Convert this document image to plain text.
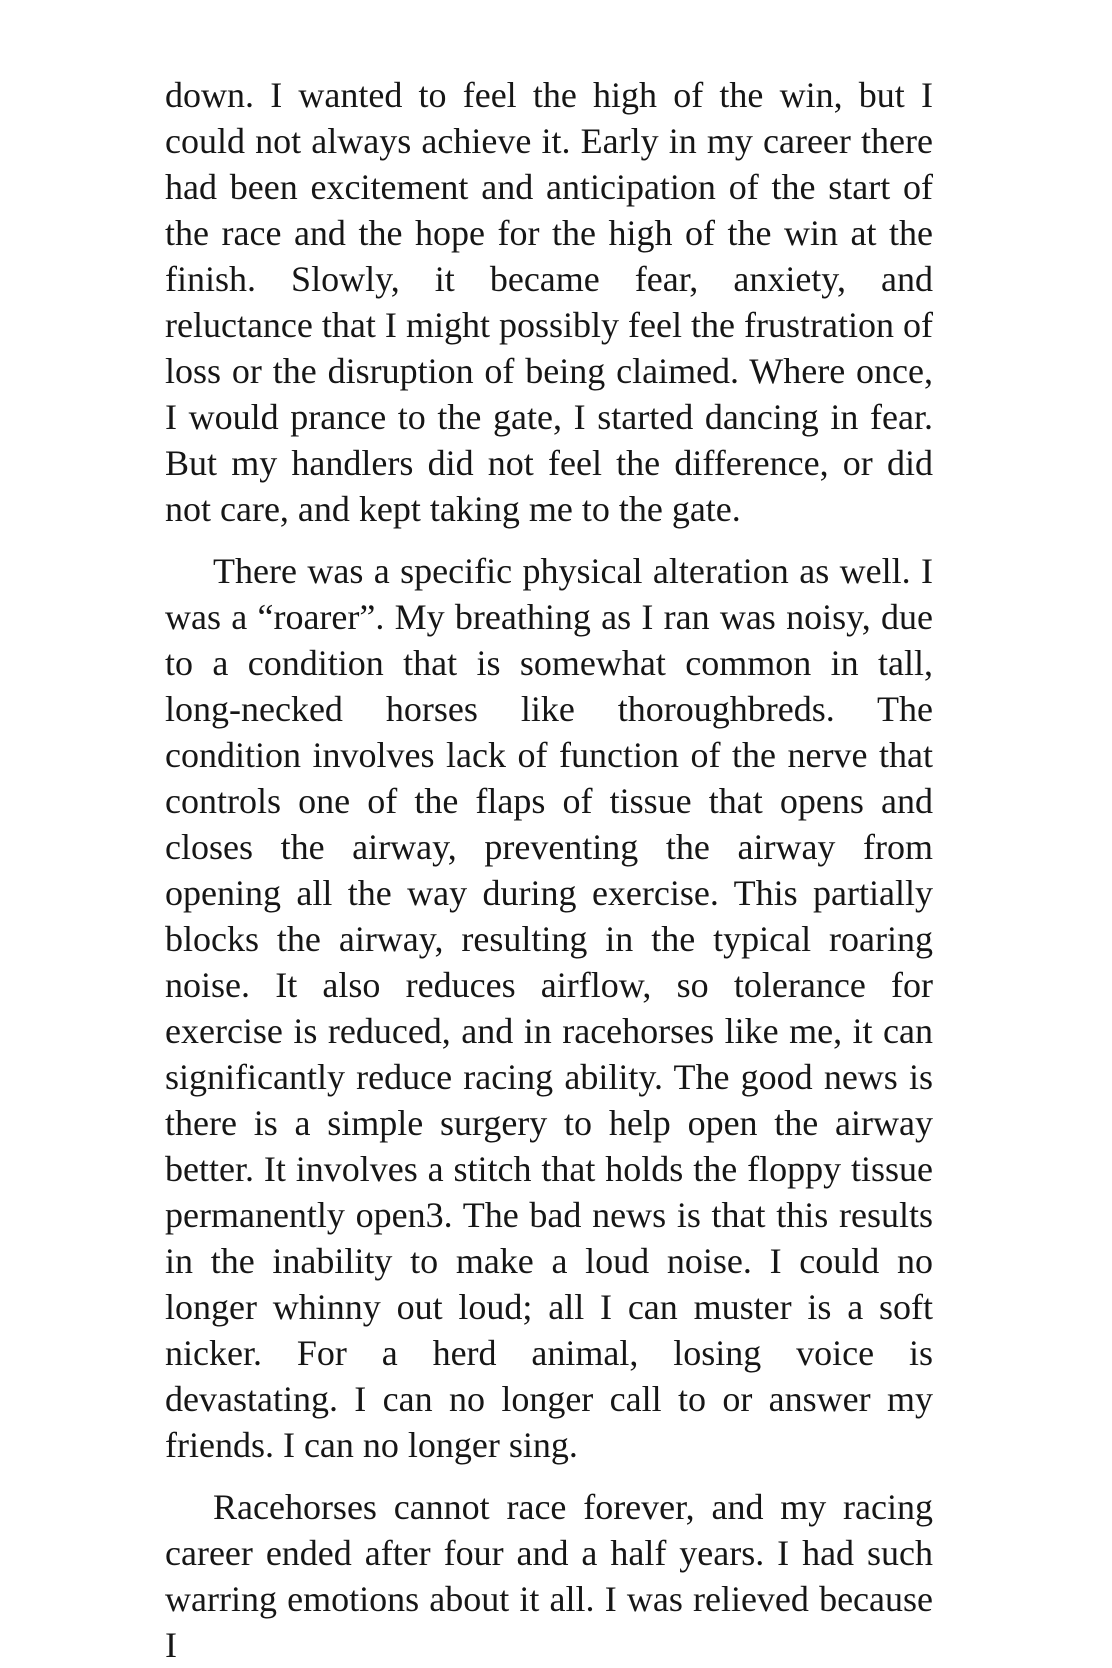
down. I wanted to feel the high of the win, but I could not always achieve it. Early in my career there had been excitement and anticipation of the start of the race and the hope for the high of the win at the finish. Slowly, it became fear, anxiety, and reluctance that I might possibly feel the frustration of loss or the disruption of being claimed. Where once, I would prance to the gate, I started dancing in fear. But my handlers did not feel the difference, or did not care, and kept taking me to the gate.

There was a specific physical alteration as well. I was a “roarer”. My breathing as I ran was noisy, due to a condition that is somewhat common in tall, long-necked horses like thoroughbreds. The condition involves lack of function of the nerve that controls one of the flaps of tissue that opens and closes the airway, preventing the airway from opening all the way during exercise. This partially blocks the airway, resulting in the typical roaring noise. It also reduces airflow, so tolerance for exercise is reduced, and in racehorses like me, it can significantly reduce racing ability. The good news is there is a simple surgery to help open the airway better. It involves a stitch that holds the floppy tissue permanently open3. The bad news is that this results in the inability to make a loud noise. I could no longer whinny out loud; all I can muster is a soft nicker. For a herd animal, losing voice is devastating. I can no longer call to or answer my friends. I can no longer sing.

Racehorses cannot race forever, and my racing career ended after four and a half years. I had such warring emotions about it all. I was relieved because I
